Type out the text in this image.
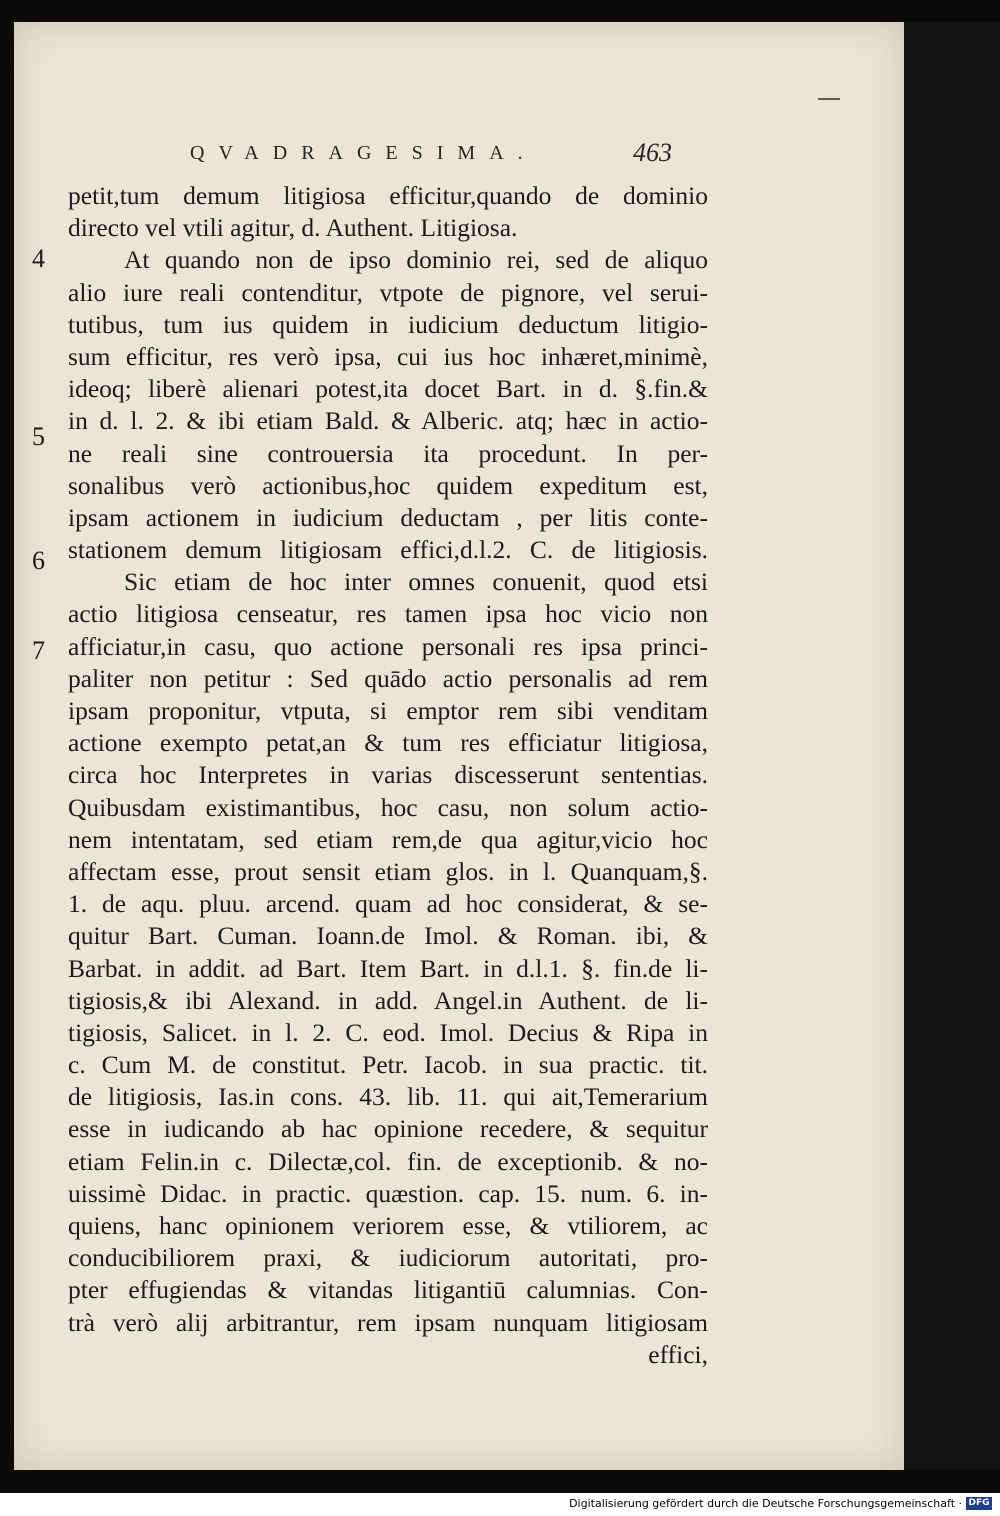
QVADRAGESIMA.	463
4
5
6
7
petit,tum demum litigiosa efficitur,quando de dominio
directo vel vtili agitur, d. Authent. Litigiosa.
At quando non de ipso dominio rei, sed de aliquo
alio iure reali contenditur, vtpote de pignore, vel serui-
tutibus, tum ius quidem in iudicium deductum litigio-
sum efficitur, res verò ipsa, cui ius hoc inhæret,minimè,
ideoq; liberè alienari potest,ita docet Bart. in d. §.fin.&
in d. l. 2. & ibi etiam Bald. & Alberic. atq; hæc in actio-
ne reali sine controuersia ita procedunt. In per-
sonalibus verò actionibus,hoc quidem expeditum est,
ipsam actionem in iudicium deductam , per litis conte-
stationem demum litigiosam effici,d.l.2. C. de litigiosis.
Sic etiam de hoc inter omnes conuenit, quod etsi
actio litigiosa censeatur, res tamen ipsa hoc vicio non
afficiatur,in casu, quo actione personali res ipsa princi-
paliter non petitur : Sed quādo actio personalis ad rem
ipsam proponitur, vtputa, si emptor rem sibi venditam
actione exempto petat,an & tum res efficiatur litigiosa,
circa hoc Interpretes in varias discesserunt sententias.
Quibusdam existimantibus, hoc casu, non solum actio-
nem intentatam, sed etiam rem,de qua agitur,vicio hoc
affectam esse, prout sensit etiam glos. in l. Quanquam,§.
1. de aqu. pluu. arcend. quam ad hoc considerat, & se-
quitur Bart. Cuman. Ioann.de Imol. & Roman. ibi, &
Barbat. in addit. ad Bart. Item Bart. in d.l.1. §. fin.de li-
tigiosis,& ibi Alexand. in add. Angel.in Authent. de li-
tigiosis, Salicet. in l. 2. C. eod. Imol. Decius & Ripa in
c. Cum M. de constitut. Petr. Iacob. in sua practic. tit.
de litigiosis, Ias.in cons. 43. lib. 11. qui ait,Temerarium
esse in iudicando ab hac opinione recedere, & sequitur
etiam Felin.in c. Dilectæ,col. fin. de exceptionib. & no-
uissimè Didac. in practic. quæstion. cap. 15. num. 6. in-
quiens, hanc opinionem veriorem esse, & vtiliorem, ac
conducibiliorem praxi, & iudiciorum autoritati, pro-
pter effugiendas & vitandas litigantiū calumnias. Con-
trà verò alij arbitrantur, rem ipsam nunquam litigiosam
effici,
Digitalisierung gefördert durch die Deutsche Forschungsgemeinschaft · DFG
